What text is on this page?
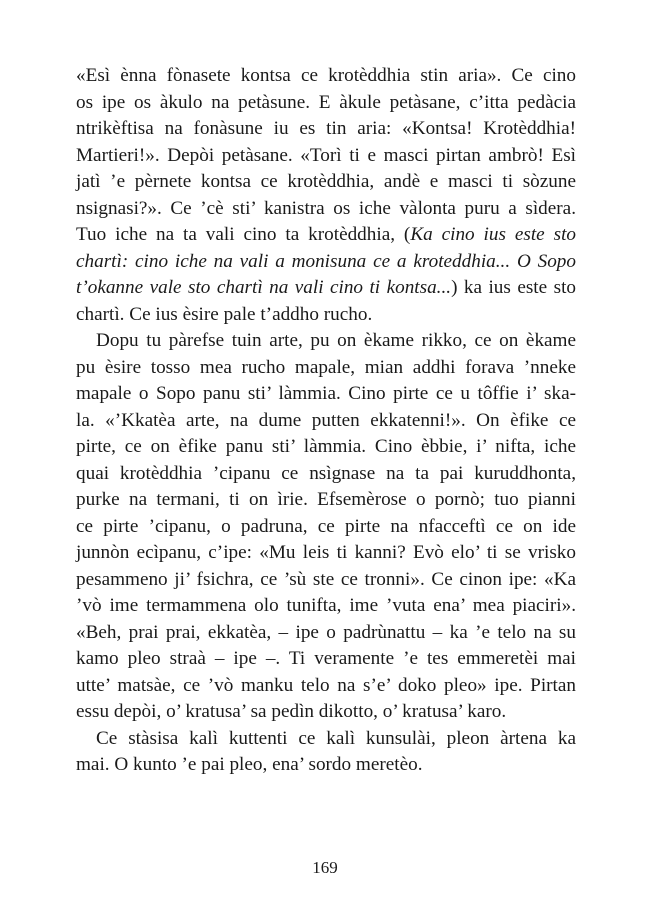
«Esì ènna fònasete kontsa ce krotèddhia stin aria». Ce cino
os ipe os àkulo na petàsune. E àkule petàsane, c’itta pedàcia
ntrikèftisa na fonàsune iu es tin aria: «Kontsa! Krotèddhia!
Martieri!». Depòi petàsane. «Torì ti e masci pirtan ambrò! Esì
jatì ’e pèrnete kontsa ce krotèddhia, andè e masci ti sòzune
nsignasi?». Ce ’cè sti’ kanistra os iche vàlonta puru a sìdera.
Tuo iche na ta vali cino ta krotèddhia, (Ka cino ius este sto
chartì: cino iche na vali a monisuna ce a kroteddhia... O Sopo
t’okanne vale sto chartì na vali cino ti kontsa...) ka ius este sto
chartì. Ce ius èsire pale t’addho rucho.
Dopu tu pàrefse tuin arte, pu on èkame rikko, ce on èkame
pu èsire tosso mea rucho mapale, mian addhi forava ’nneke
mapale o Sopo panu sti’ làmmia. Cino pirte ce u tôffie i’ ska-
la. «’Kkatèa arte, na dume putten ekkatenni!». On èfike ce
pirte, ce on èfike panu sti’ làmmia. Cino èbbie, i’ nifta, iche
quai krotèddhia ’cipanu ce nsìgnase na ta pai kuruddhonta,
purke na termani, ti on ìrie. Efsemèrose o pornò; tuo pianni
ce pirte ’cipanu, o padruna, ce pirte na nfacceftì ce on ide
junnòn ecìpanu, c’ipe: «Mu leis ti kanni? Evò elo’ ti se vrisko
pesammeno ji’ fsichra, ce ’sù ste ce tronni». Ce cinon ipe: «Ka
’vò ime termammena olo tunifta, ime ’vuta ena’ mea piaciri».
«Beh, prai prai, ekkatèa, – ipe o padrùnattu – ka ’e telo na su
kamo pleo straà – ipe –. Ti veramente ’e tes emmeretèi mai
utte’ matsàe, ce ’vò manku telo na s’e’ doko pleo» ipe. Pirtan
essu depòi, o’ kratusa’ sa pedìn dikotto, o’ kratusa’ karo.
Ce stàsisa kalì kuttenti ce kalì kunsulài, pleon àrtena ka
mai. O kunto ’e pai pleo, ena’ sordo meretèo.
169
